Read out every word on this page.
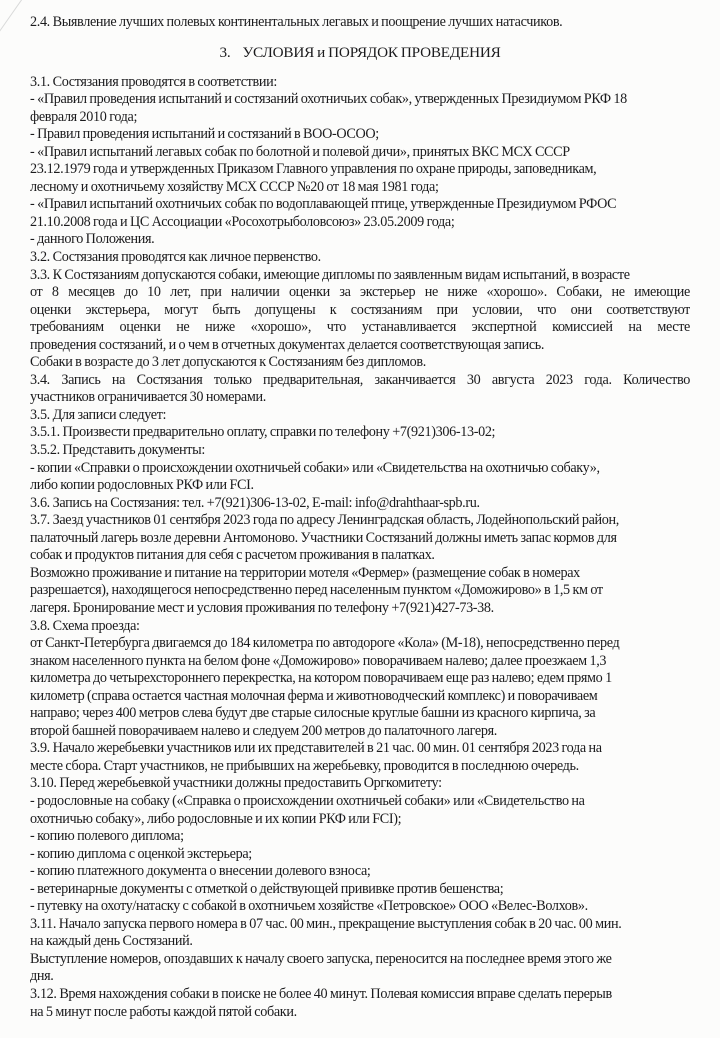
2.4. Выявление лучших полевых континентальных легавых и поощрение лучших натасчиков.
3. УСЛОВИЯ и ПОРЯДОК ПРОВЕДЕНИЯ
3.1. Состязания проводятся в соответствии:
- «Правил проведения испытаний и состязаний охотничьих собак», утвержденных Президиумом РКФ 18
февраля 2010 года;
- Правил проведения испытаний и состязаний в ВОО-ОСОО;
- «Правил испытаний легавых собак по болотной и полевой дичи», принятых ВКС МСХ СССР
23.12.1979 года и утвержденных Приказом Главного управления по охране природы, заповедникам,
лесному и охотничьему хозяйству МСХ СССР №20 от 18 мая 1981 года;
- «Правил испытаний охотничьих собак по водоплавающей птице, утвержденные Президиумом РФОС
21.10.2008 года и ЦС Ассоциации «Росохотрыболовсоюз» 23.05.2009 года;
- данного Положения.
3.2. Состязания проводятся как личное первенство.
3.3. К Состязаниям допускаются собаки, имеющие дипломы по заявленным видам испытаний, в возрасте
от 8 месяцев до 10 лет, при наличии оценки за экстерьер не ниже «хорошо». Собаки, не имеющие
оценки экстерьера, могут быть допущены к состязаниям при условии, что они соответствуют
требованиям оценки не ниже «хорошо», что устанавливается экспертной комиссией на месте
проведения состязаний, и о чем в отчетных документах делается соответствующая запись.
Собаки в возрасте до 3 лет допускаются к Состязаниям без дипломов.
3.4. Запись на Состязания только предварительная, заканчивается 30 августа 2023 года. Количество
участников ограничивается 30 номерами.
3.5. Для записи следует:
3.5.1. Произвести предварительно оплату, справки по телефону +7(921)306-13-02;
3.5.2. Представить документы:
- копии «Справки о происхождении охотничьей собаки» или «Свидетельства на охотничью собаку»,
либо копии родословных РКФ или FCI.
3.6. Запись на Состязания: тел. +7(921)306-13-02, E-mail: info@drahthaar-spb.ru.
3.7. Заезд участников 01 сентября 2023 года по адресу Ленинградская область, Лодейнопольский район,
палаточный лагерь возле деревни Антомоново. Участники Состязаний должны иметь запас кормов для
собак и продуктов питания для себя с расчетом проживания в палатках.
Возможно проживание и питание на территории мотеля «Фермер» (размещение собак в номерах
разрешается), находящегося непосредственно перед населенным пунктом «Доможирово» в 1,5 км от
лагеря. Бронирование мест и условия проживания по телефону +7(921)427-73-38.
3.8. Схема проезда:
от Санкт-Петербурга двигаемся до 184 километра по автодороге «Кола» (М-18), непосредственно перед
знаком населенного пункта на белом фоне «Доможирово» поворачиваем налево; далее проезжаем 1,3
километра до четырехстороннего перекрестка, на котором поворачиваем еще раз налево; едем прямо 1
километр (справа остается частная молочная ферма и животноводческий комплекс) и поворачиваем
направо; через 400 метров слева будут две старые силосные круглые башни из красного кирпича, за
второй башней поворачиваем налево и следуем 200 метров до палаточного лагеря.
3.9. Начало жеребьевки участников или их представителей в 21 час. 00 мин. 01 сентября 2023 года на
месте сбора. Старт участников, не прибывших на жеребьевку, проводится в последнюю очередь.
3.10. Перед жеребьевкой участники должны предоставить Оргкомитету:
- родословные на собаку («Справка о происхождении охотничьей собаки» или «Свидетельство на
охотничью собаку», либо родословные и их копии РКФ или FCI);
- копию полевого диплома;
- копию диплома с оценкой экстерьера;
- копию платежного документа о внесении долевого взноса;
- ветеринарные документы с отметкой о действующей прививке против бешенства;
- путевку на охоту/натаску с собакой в охотничьем хозяйстве «Петровское» ООО «Велес-Волхов».
3.11. Начало запуска первого номера в 07 час. 00 мин., прекращение выступления собак в 20 час. 00 мин.
на каждый день Состязаний.
Выступление номеров, опоздавших к началу своего запуска, переносится на последнее время этого же
дня.
3.12. Время нахождения собаки в поиске не более 40 минут. Полевая комиссия вправе сделать перерыв
на 5 минут после работы каждой пятой собаки.
